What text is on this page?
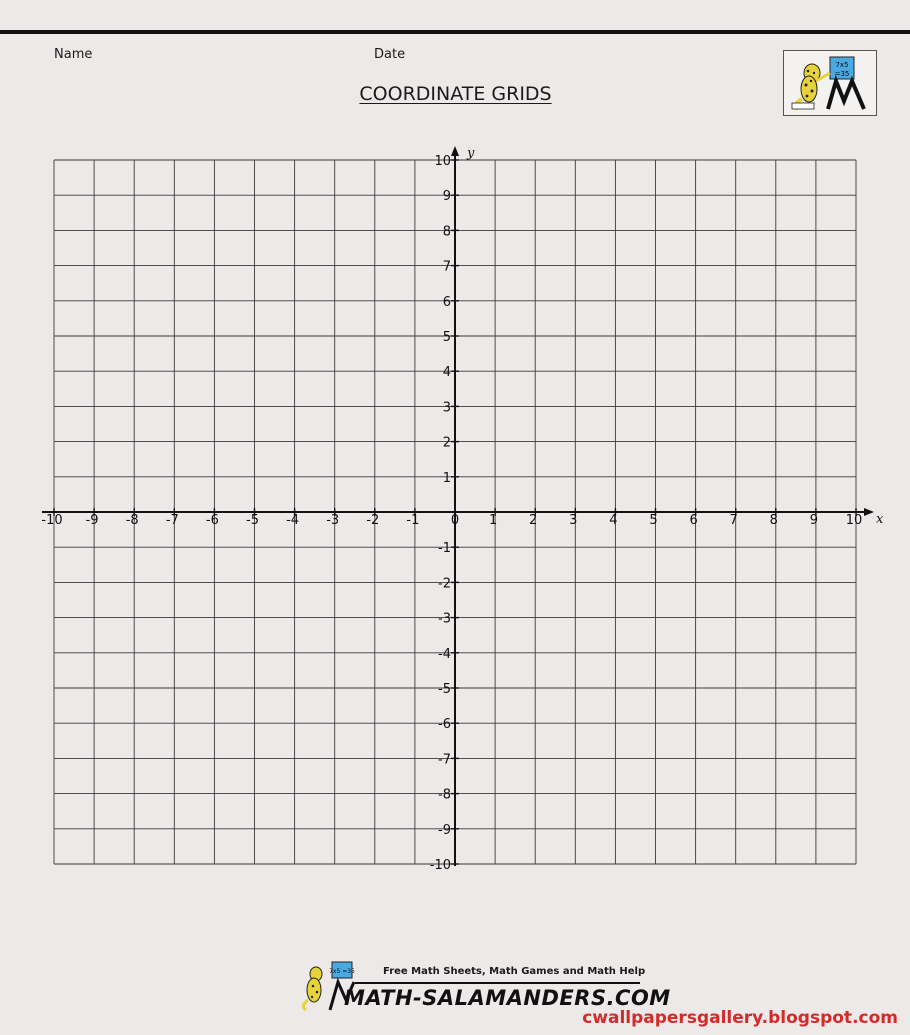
Name	Date
COORDINATE GRIDS
7x5
=35
x
y
-10 -9 -8 -7 -6 -5 -4 -3 -2 -1 0 1 2 3 4 5 6 7 8 9 10
10
9
8
7
6
5
4
3
2
1
-1
-2
-3
-4
-5
-6
-7
-8
-9
-10
7x5 =35	Free Math Sheets, Math Games and Math Help
MATH-SALAMANDERS.COM
cwallpapersgallery.blogspot.com
